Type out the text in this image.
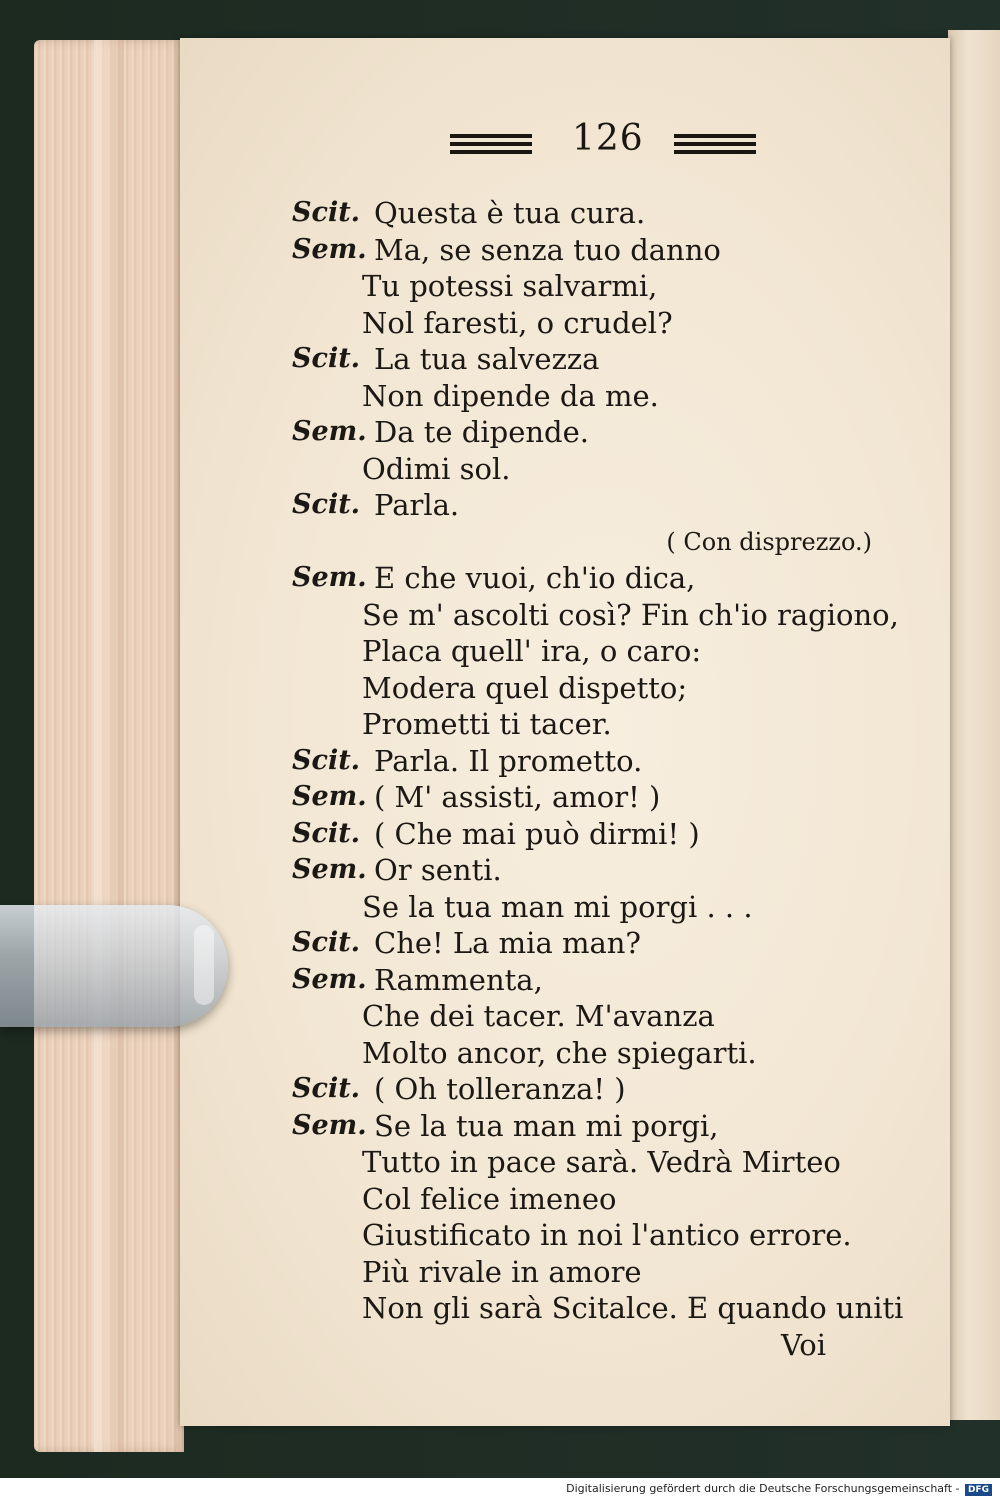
126
Scit. Questa è tua cura.
Sem. Ma, se senza tuo danno
Tu potessi salvarmi,
Nol faresti, o crudel?
Scit. La tua salvezza
Non dipende da me.
Sem. Da te dipende.
Odimi sol.
Scit. Parla.
( Con disprezzo.)
Sem. E che vuoi, ch'io dica,
Se m' ascolti così? Fin ch'io ragiono,
Placa quell' ira, o caro:
Modera quel dispetto;
Prometti ti tacer.
Scit. Parla. Il prometto.
Sem. ( M' assisti, amor! )
Scit. ( Che mai può dirmi! )
Sem. Or senti.
Se la tua man mi porgi . . .
Scit. Che! La mia man?
Sem. Rammenta,
Che dei tacer. M'avanza
Molto ancor, che spiegarti.
Scit. ( Oh tolleranza! )
Sem. Se la tua man mi porgi,
Tutto in pace sarà. Vedrà Mirteo
Col felice imeneo
Giustificato in noi l'antico errore.
Più rivale in amore
Non gli sarà Scitalce. E quando uniti
Voi
Digitalisierung gefördert durch die Deutsche Forschungsgemeinschaft - DFG
